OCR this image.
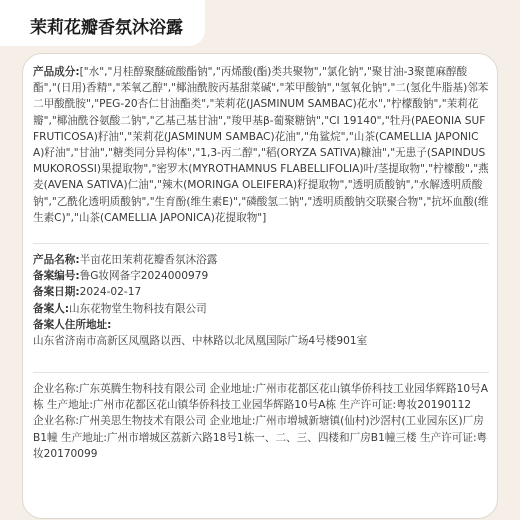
茉莉花瓣香氛沐浴露
产品成分:["水","月桂醇聚醚硫酸酯钠","丙烯酸(酯)类共聚物","氯化钠","聚甘油-3聚蓖麻醇酸酯","(日用)香精","苯氧乙醇","椰油酰胺丙基甜菜碱","苯甲酸钠","氢氧化钠","二(氢化牛脂基)邻苯二甲酸酰胺","PEG-20杏仁甘油酯类","茉莉花(JASMINUM SAMBAC)花水","柠檬酸钠","茉莉花瓣","椰油酰谷氨酸二钠","乙基己基甘油","羧甲基β-葡聚糖钠","CI 19140","牡丹(PAEONIA SUFFRUTICOSA)籽油","茉莉花(JASMINUM SAMBAC)花油","角鲨烷","山茶(CAMELLIA JAPONICA)籽油","甘油","糖类同分异构体","1,3-丙二醇","稻(ORYZA SATIVA)糠油","无患子(SAPINDUS MUKOROSSI)果提取物","密罗木(MYROTHAMNUS FLABELLIFOLIA)叶/茎提取物","柠檬酸","燕麦(AVENA SATIVA)仁油","辣木(MORINGA OLEIFERA)籽提取物","透明质酸钠","水解透明质酸钠","乙酰化透明质酸钠","生育酚(维生素E)","磷酸氢二钠","透明质酸钠交联聚合物","抗坏血酸(维生素C)","山茶(CAMELLIA JAPONICA)花提取物"]
产品名称:半亩花田茉莉花瓣香氛沐浴露
备案编号:鲁G妆网备字2024000979
备案日期:2024-02-17
备案人:山东花物堂生物科技有限公司
备案人住所地址:
山东省济南市高新区凤凰路以西、中林路以北凤凰国际广场4号楼901室
企业名称:广东英腾生物科技有限公司 企业地址:广州市花都区花山镇华侨科技工业园华辉路10号A栋 生产地址:广州市花都区花山镇华侨科技工业园华辉路10号A栋 生产许可证:粤妆20190112
企业名称:广州美思生物技术有限公司 企业地址:广州市增城新塘镇(仙村)沙滘村(工业园东区)厂房B1幢 生产地址:广州市增城区荔新六路18号1栋一、二、三、四楼和厂房B1幢三楼 生产许可证:粤妆20170099
